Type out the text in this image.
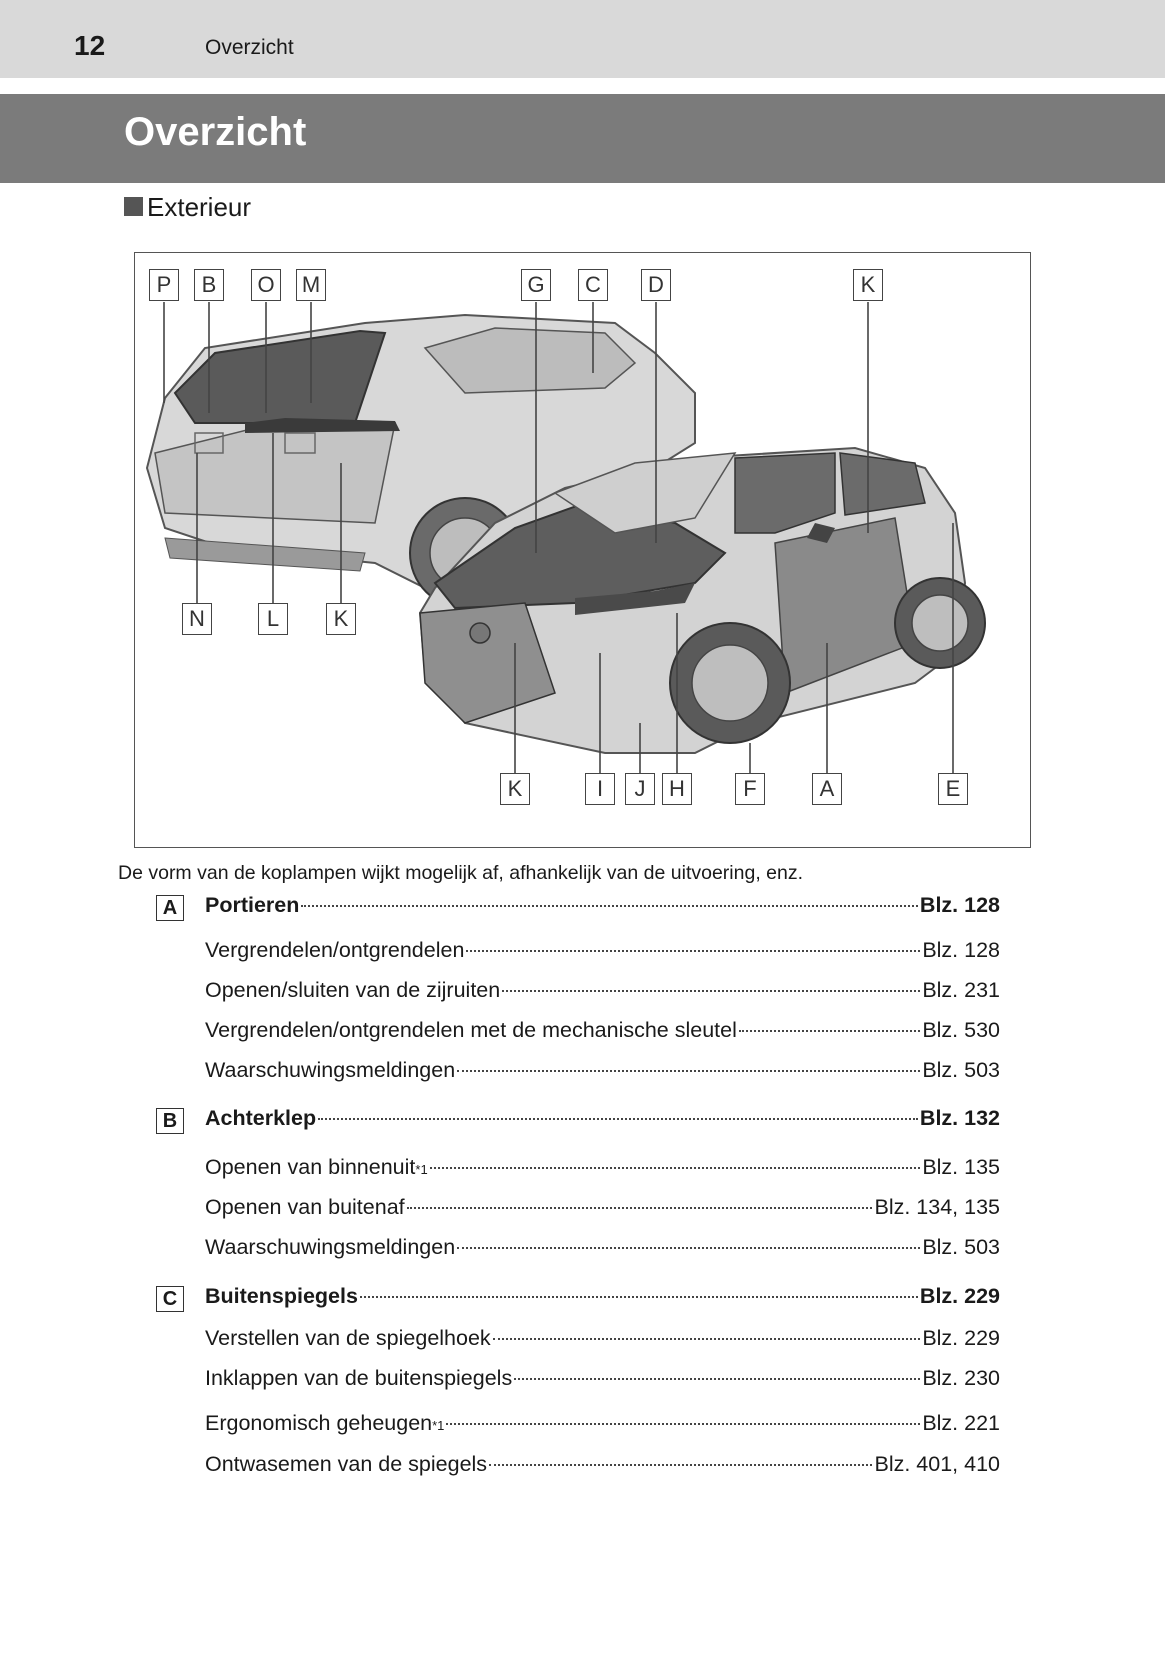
12	Overzicht
Overzicht
Exterieur
P	B	O M	G	C	D	K
N	L	K
K	I	J	H	F	A	E
De vorm van de koplampen wijkt mogelijk af, afhankelijk van de uitvoering, enz.
A	Portieren	Blz. 128
Vergrendelen/ontgrendelen	Blz. 128
Openen/sluiten van de zijruiten	Blz. 231
Vergrendelen/ontgrendelen met de mechanische sleutel	Blz. 530
Waarschuwingsmeldingen	Blz. 503
B	Achterklep	Blz. 132
Openen van binnenuit *1	Blz. 135
Openen van buitenaf	Blz. 134, 135
Waarschuwingsmeldingen	Blz. 503
C	Buitenspiegels	Blz. 229
Verstellen van de spiegelhoek	Blz. 229
Inklappen van de buitenspiegels	Blz. 230
Ergonomisch geheugen *1	Blz. 221
Ontwasemen van de spiegels	Blz. 401, 410
